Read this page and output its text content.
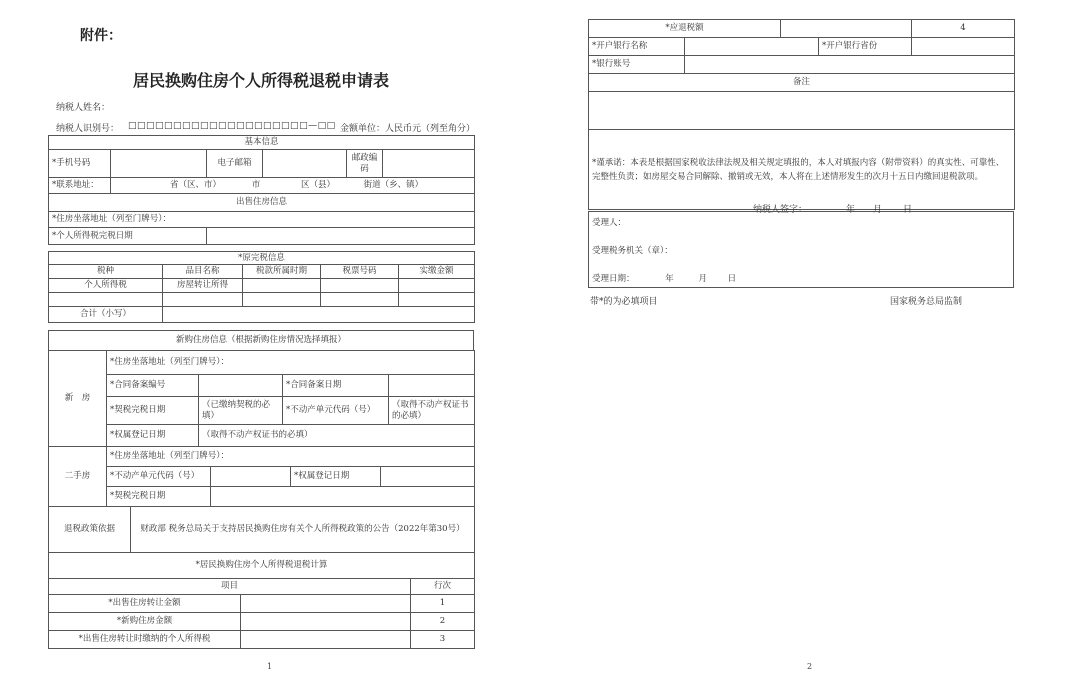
附件：
居民换购住房个人所得税退税申请表
纳税人姓名：
纳税人识别号： □□□□□□□□□□□□□□□□□□□□—□□ 金额单位：人民币元（列至角分）
基本信息					
*手机号码		电子邮箱		邮政编码	
*联系地址：	省（区、市） 市 区（县） 街道（乡、镇）				
出售住房信息					
*住房坐落地址（列至门牌号）：					
*个人所得税完税日期					
*原完税信息				
税种	品目名称	税款所属时期	税票号码	实缴金额
个人所得税	房屋转让所得			

合计（小写）				
新购住房信息（根据新购住房情况选择填报）
新　房	*住房坐落地址（列至门牌号）：			
	*合同备案编号		*合同备案日期	
	*契税完税日期	（已缴纳契税的必填）	*不动产单元代码（号）	（取得不动产权证书的必填）
	*权属登记日期	（取得不动产权证书的必填）		
二手房	*住房坐落地址（列至门牌号）：			
	*不动产单元代码（号）		*权属登记日期	
	*契税完税日期			
退税政策依据	财政部 税务总局关于支持居民换购住房有关个人所得税政策的公告（2022年第30号）
*居民换购住房个人所得税退税计算		
项目		行次
*出售住房转让金额		1
*新购住房金额		2
*出售住房转让时缴纳的个人所得税		3
1
*应退税额				4
*开户银行名称			*开户银行省份	
*银行账号				
备注				

*谨承诺：本表是根据国家税收法律法规及相关规定填报的，本人对填报内容（附带资料）的真实性、可靠性、完整性负责；如房屋交易合同解除、撤销或无效，本人将在上述情形发生的次月十五日内缴回退税款项。				
纳税人签字：	年 月 日
受理人：
受理税务机关（章）：
受理日期：	年	月 日
带*的为必填项目	国家税务总局监制
2
